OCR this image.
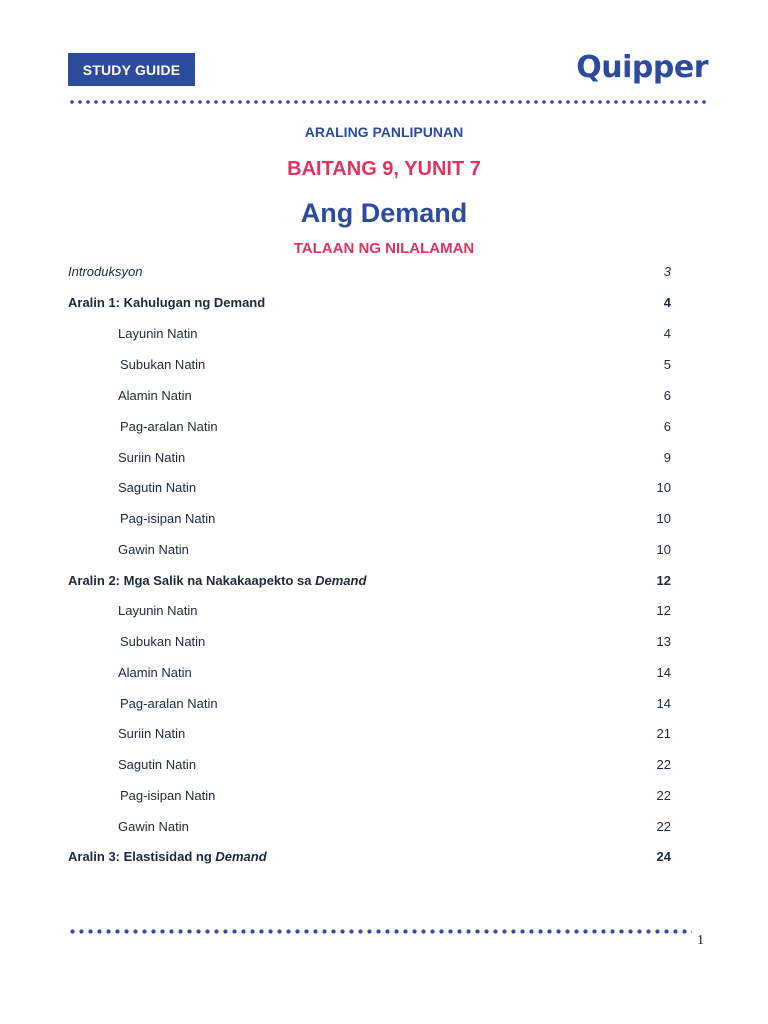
STUDY GUIDE	Quipper
ARALING PANLIPUNAN
BAITANG 9, YUNIT 7
Ang Demand
TALAAN NG NILALAMAN
Introduksyon	3
Aralin 1: Kahulugan ng Demand	4
Layunin Natin	4
Subukan Natin	5
Alamin Natin	6
Pag-aralan Natin	6
Suriin Natin	9
Sagutin Natin	10
Pag-isipan Natin	10
Gawin Natin	10
Aralin 2: Mga Salik na Nakakaapekto sa Demand	12
Layunin Natin	12
Subukan Natin	13
Alamin Natin	14
Pag-aralan Natin	14
Suriin Natin	21
Sagutin Natin	22
Pag-isipan Natin	22
Gawin Natin	22
Aralin 3: Elastisidad ng Demand	24
1
